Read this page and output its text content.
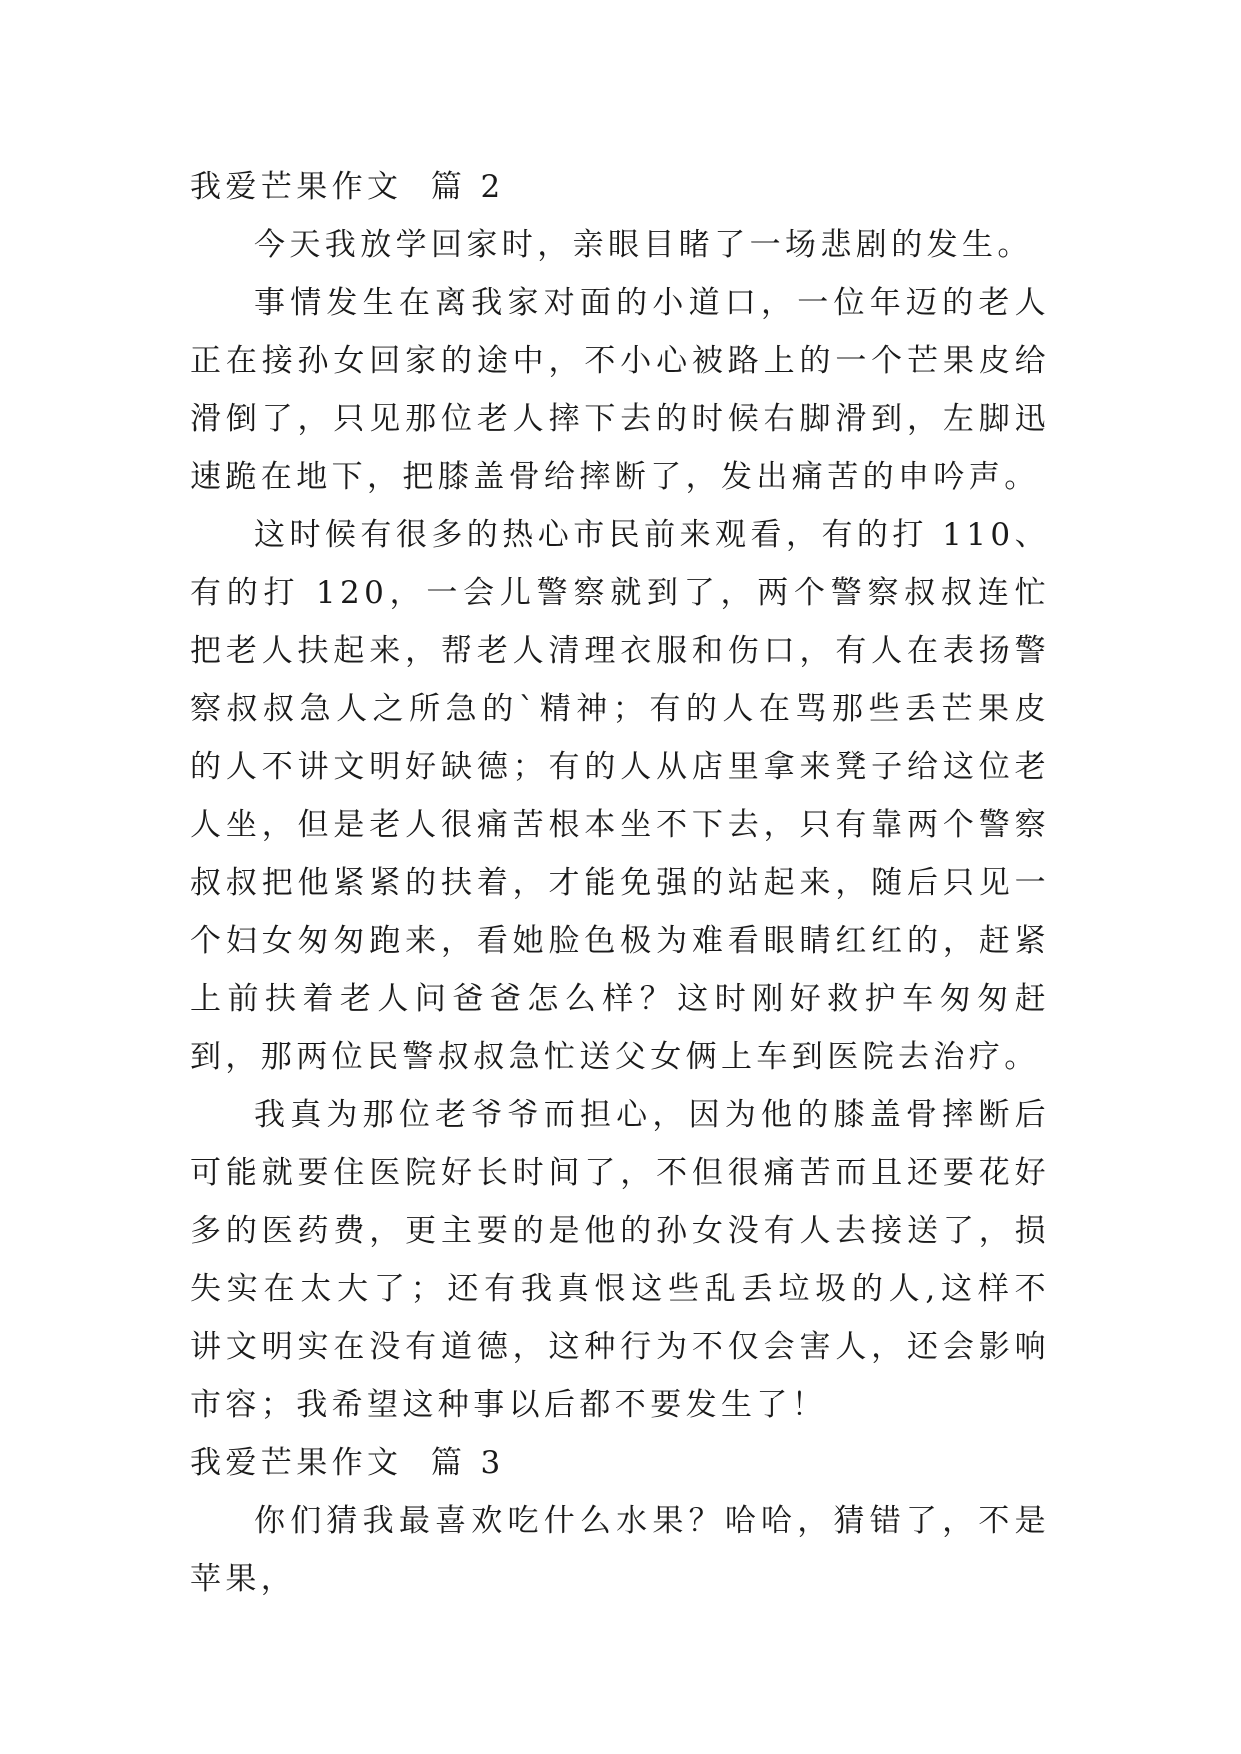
我爱芒果作文  篇 2

今天我放学回家时，亲眼目睹了一场悲剧的发生。

事情发生在离我家对面的小道口，一位年迈的老人正在接孙女回家的途中，不小心被路上的一个芒果皮给滑倒了，只见那位老人摔下去的时候右脚滑到，左脚迅速跪在地下，把膝盖骨给摔断了，发出痛苦的申吟声。

这时候有很多的热心市民前来观看，有的打 110、有的打 120，一会儿警察就到了，两个警察叔叔连忙把老人扶起来，帮老人清理衣服和伤口，有人在表扬警察叔叔急人之所急的`精神；有的人在骂那些丢芒果皮的人不讲文明好缺德；有的人从店里拿来凳子给这位老人坐，但是老人很痛苦根本坐不下去，只有靠两个警察叔叔把他紧紧的扶着，才能免强的站起来，随后只见一个妇女匆匆跑来，看她脸色极为难看眼睛红红的，赶紧上前扶着老人问爸爸怎么样？这时刚好救护车匆匆赶到，那两位民警叔叔急忙送父女俩上车到医院去治疗。

我真为那位老爷爷而担心，因为他的膝盖骨摔断后可能就要住医院好长时间了，不但很痛苦而且还要花好多的医药费，更主要的是他的孙女没有人去接送了，损失实在太大了；还有我真恨这些乱丢垃圾的人,这样不讲文明实在没有道德，这种行为不仅会害人，还会影响市容；我希望这种事以后都不要发生了！

我爱芒果作文  篇 3

你们猜我最喜欢吃什么水果？哈哈，猜错了，不是苹果，
